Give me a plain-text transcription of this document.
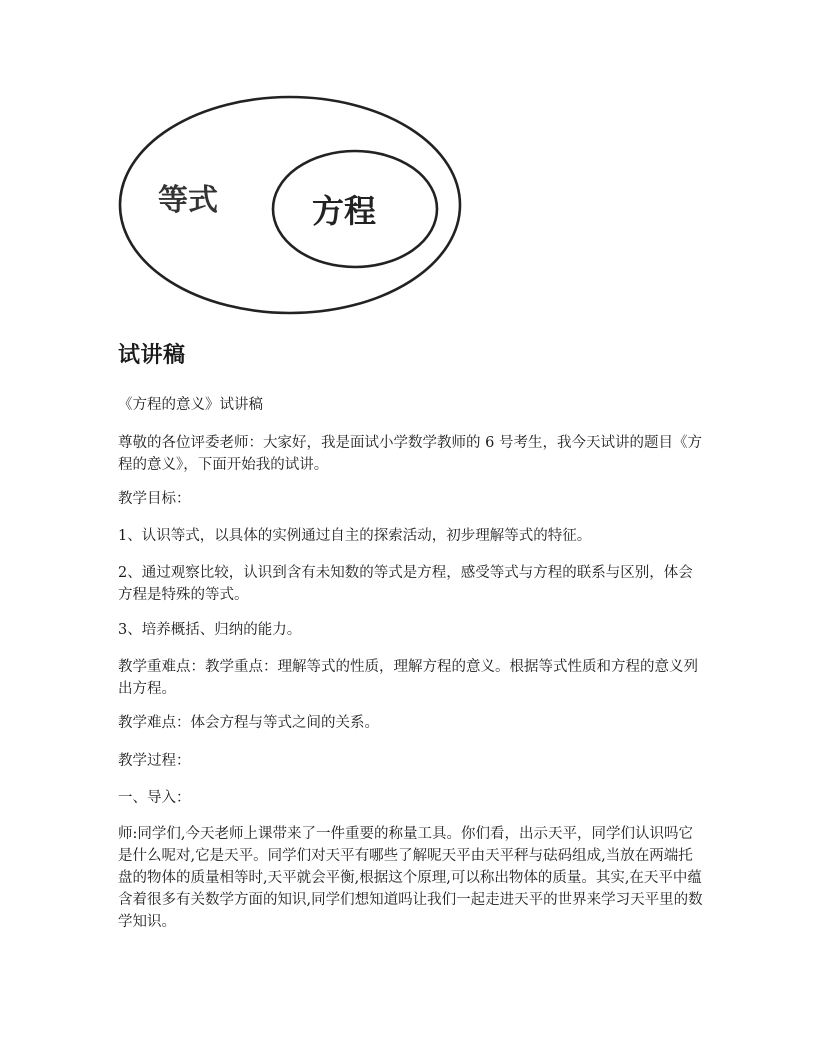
等式	方程
试讲稿

《方程的意义》试讲稿

尊敬的各位评委老师：大家好，我是面试小学数学教师的 6 号考生，我今天试讲的题目《方程的意义》，下面开始我的试讲。

教学目标：

1、认识等式，以具体的实例通过自主的探索活动，初步理解等式的特征。

2、通过观察比较，认识到含有未知数的等式是方程，感受等式与方程的联系与区别，体会方程是特殊的等式。

3、培养概括、归纳的能力。

教学重难点：教学重点：理解等式的性质，理解方程的意义。根据等式性质和方程的意义列出方程。

教学难点：体会方程与等式之间的关系。

教学过程：

一、导入：

师:同学们,今天老师上课带来了一件重要的称量工具。你们看，出示天平，同学们认识吗它是什么呢对,它是天平。同学们对天平有哪些了解呢天平由天平秤与砝码组成,当放在两端托盘的物体的质量相等时,天平就会平衡,根据这个原理,可以称出物体的质量。其实,在天平中蕴含着很多有关数学方面的知识,同学们想知道吗让我们一起走进天平的世界来学习天平里的数学知识。
